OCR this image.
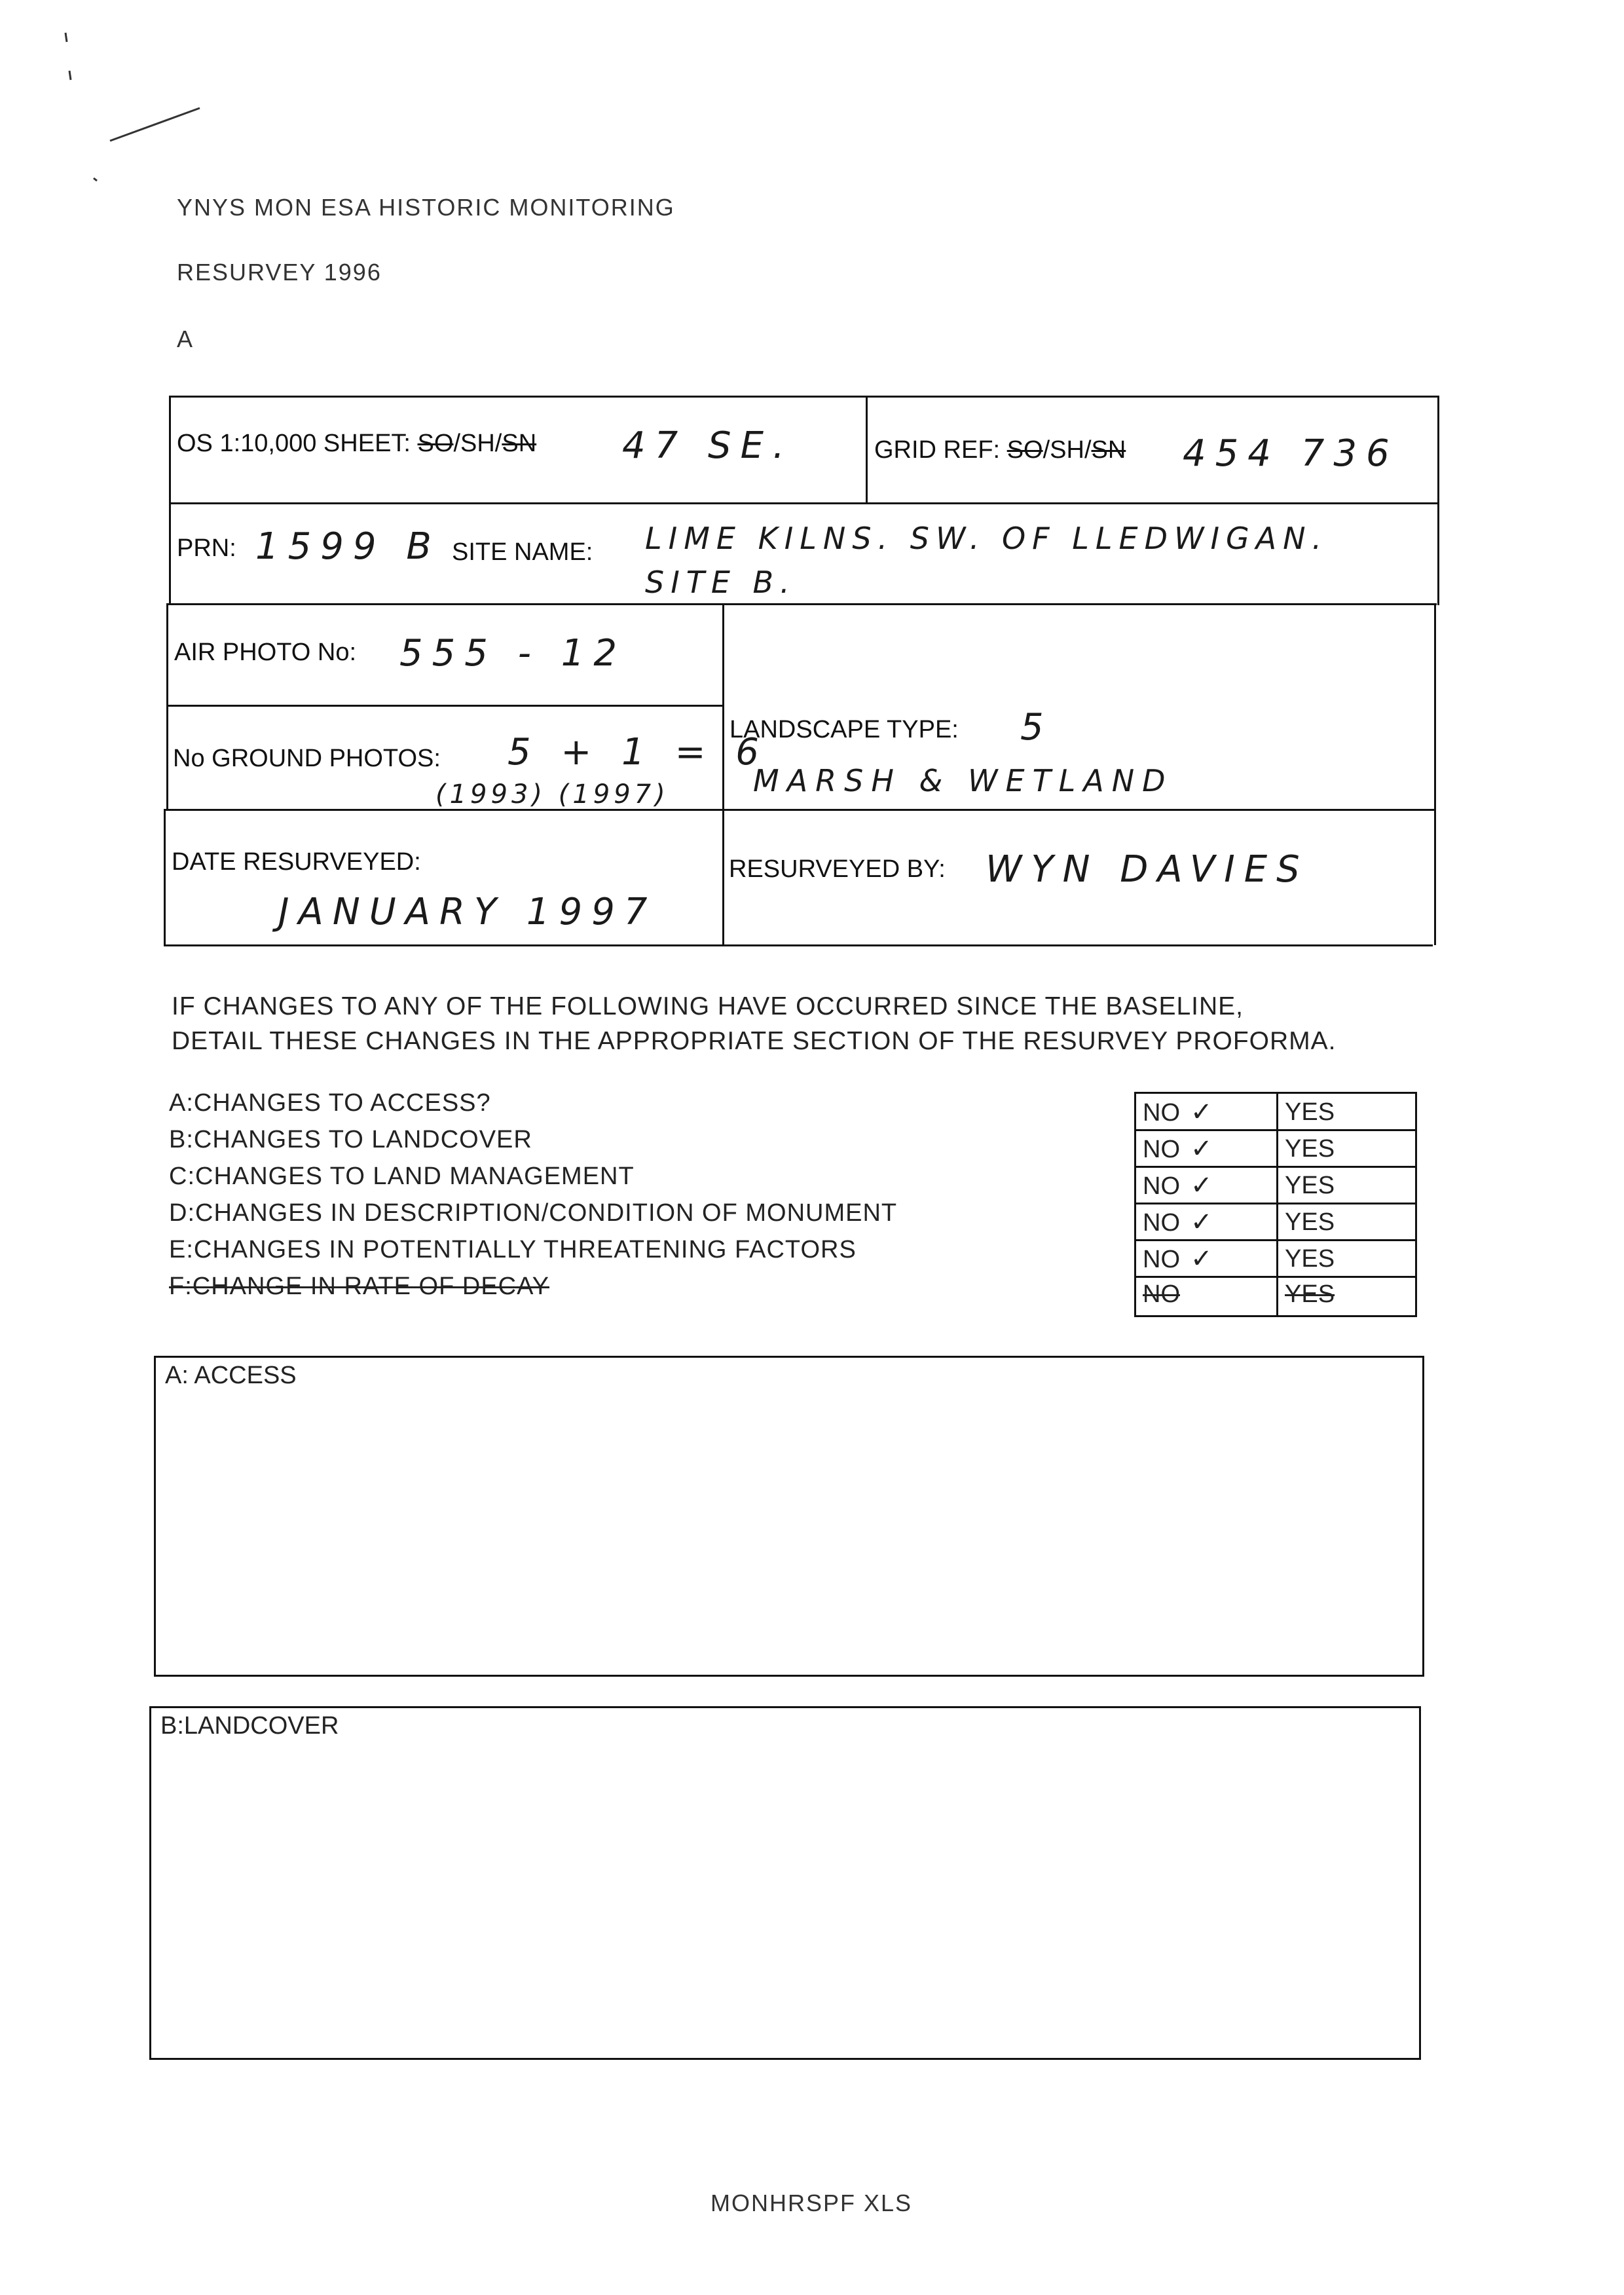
YNYS MON ESA HISTORIC MONITORING
RESURVEY 1996
A
OS 1:10,000 SHEET: SO/SH/SN 47 SE.	GRID REF: SO/SH/SN 454 736
PRN: 1599 B SITE NAME: LIME KILNS. SW. OF LLEDWIGAN.
SITE B.
AIR PHOTO No: 555 - 12
No GROUND PHOTOS: 5 + 1 = 6
(1993) (1997)
LANDSCAPE TYPE: 5
MARSH & WETLAND
DATE RESURVEYED:
JANUARY 1997
RESURVEYED BY: WYN DAVIES
IF CHANGES TO ANY OF THE FOLLOWING HAVE OCCURRED SINCE THE BASELINE,
DETAIL THESE CHANGES IN THE APPROPRIATE SECTION OF THE RESURVEY PROFORMA.
A:CHANGES TO ACCESS?
B:CHANGES TO LANDCOVER
C:CHANGES TO LAND MANAGEMENT
D:CHANGES IN DESCRIPTION/CONDITION OF MONUMENT
E:CHANGES IN POTENTIALLY THREATENING FACTORS
F:CHANGE IN RATE OF DECAY
NO ✓	YES
NO ✓	YES
NO ✓	YES
NO ✓	YES
NO ✓	YES
NO	YES
A: ACCESS
B:LANDCOVER
MONHRSPF XLS
